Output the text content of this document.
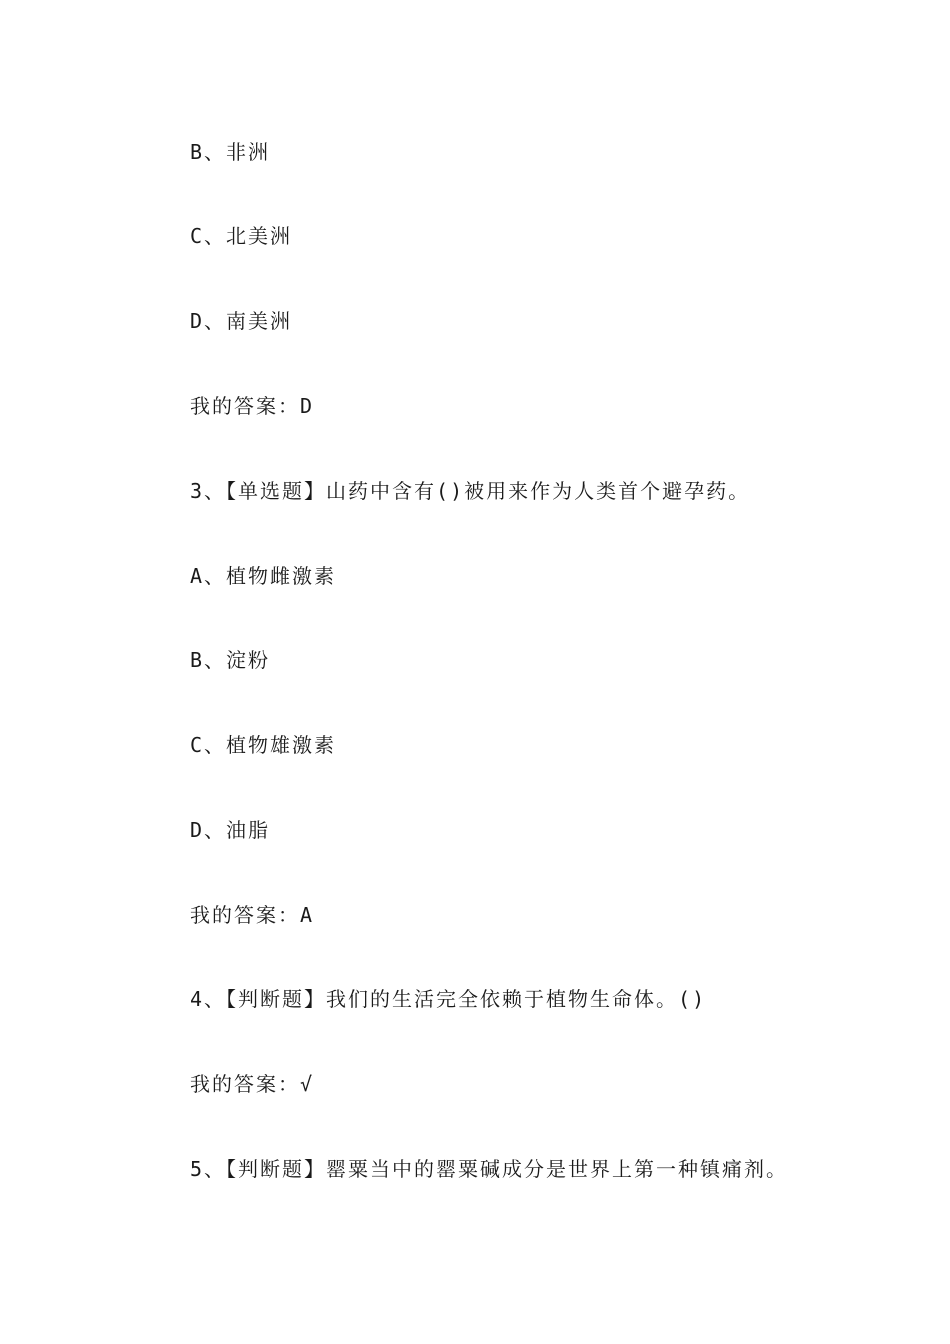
B、非洲
C、北美洲
D、南美洲
我的答案：D
3、【单选题】山药中含有()被用来作为人类首个避孕药。
A、植物雌激素
B、淀粉
C、植物雄激素
D、油脂
我的答案：A
4、【判断题】我们的生活完全依赖于植物生命体。()
我的答案：√
5、【判断题】罂粟当中的罂粟碱成分是世界上第一种镇痛剂。
